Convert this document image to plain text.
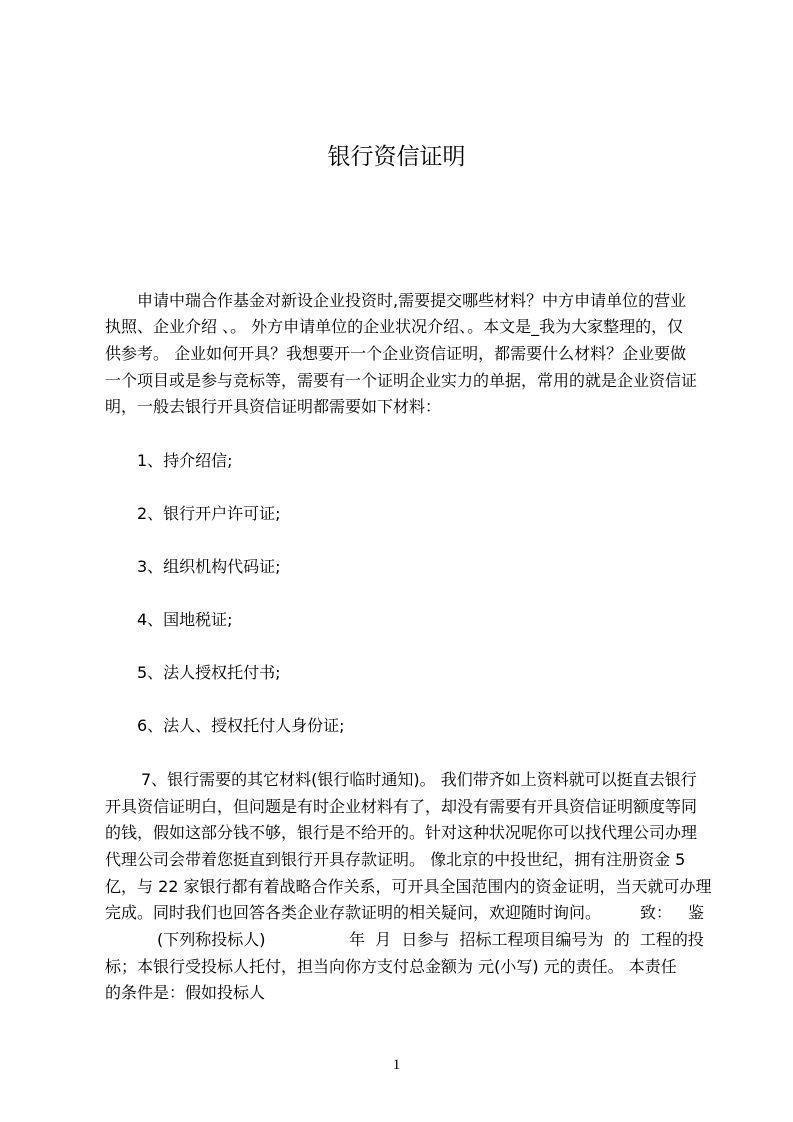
银行资信证明
申请中瑞合作基金对新设企业投资时,需要提交哪些材料？中方申请单位的营业
执照、企业介绍 、。 外方申请单位的企业状况介绍、。本文是_我为大家整理的，仅
供参考。 企业如何开具？我想要开一个企业资信证明，都需要什么材料？企业要做
一个项目或是参与竞标等，需要有一个证明企业实力的单据，常用的就是企业资信证
明，一般去银行开具资信证明都需要如下材料：
1、持介绍信;
2、银行开户许可证;
3、组织机构代码证;
4、国地税证;
5、法人授权托付书;
6、法人、授权托付人身份证;
7、银行需要的其它材料(银行临时通知)。 我们带齐如上资料就可以挺直去银行
开具资信证明白，但问题是有时企业材料有了，却没有需要有开具资信证明额度等同
的钱，假如这部分钱不够，银行是不给开的。针对这种状况呢你可以找代理公司办理
代理公司会带着您挺直到银行开具存款证明。 像北京的中投世纪，拥有注册资金 5
亿，与 22 家银行都有着战略合作关系，可开具全国范围内的资金证明，当天就可办理
完成。同时我们也回答各类企业存款证明的相关疑问，欢迎随时询问。 致： 鉴
(下列称投标人)	年  月  日参与  招标工程项目编号为  的  工程的投
标；本银行受投标人托付，担当向你方支付总金额为 元(小写) 元的责任。 本责任
的条件是：假如投标人
1
